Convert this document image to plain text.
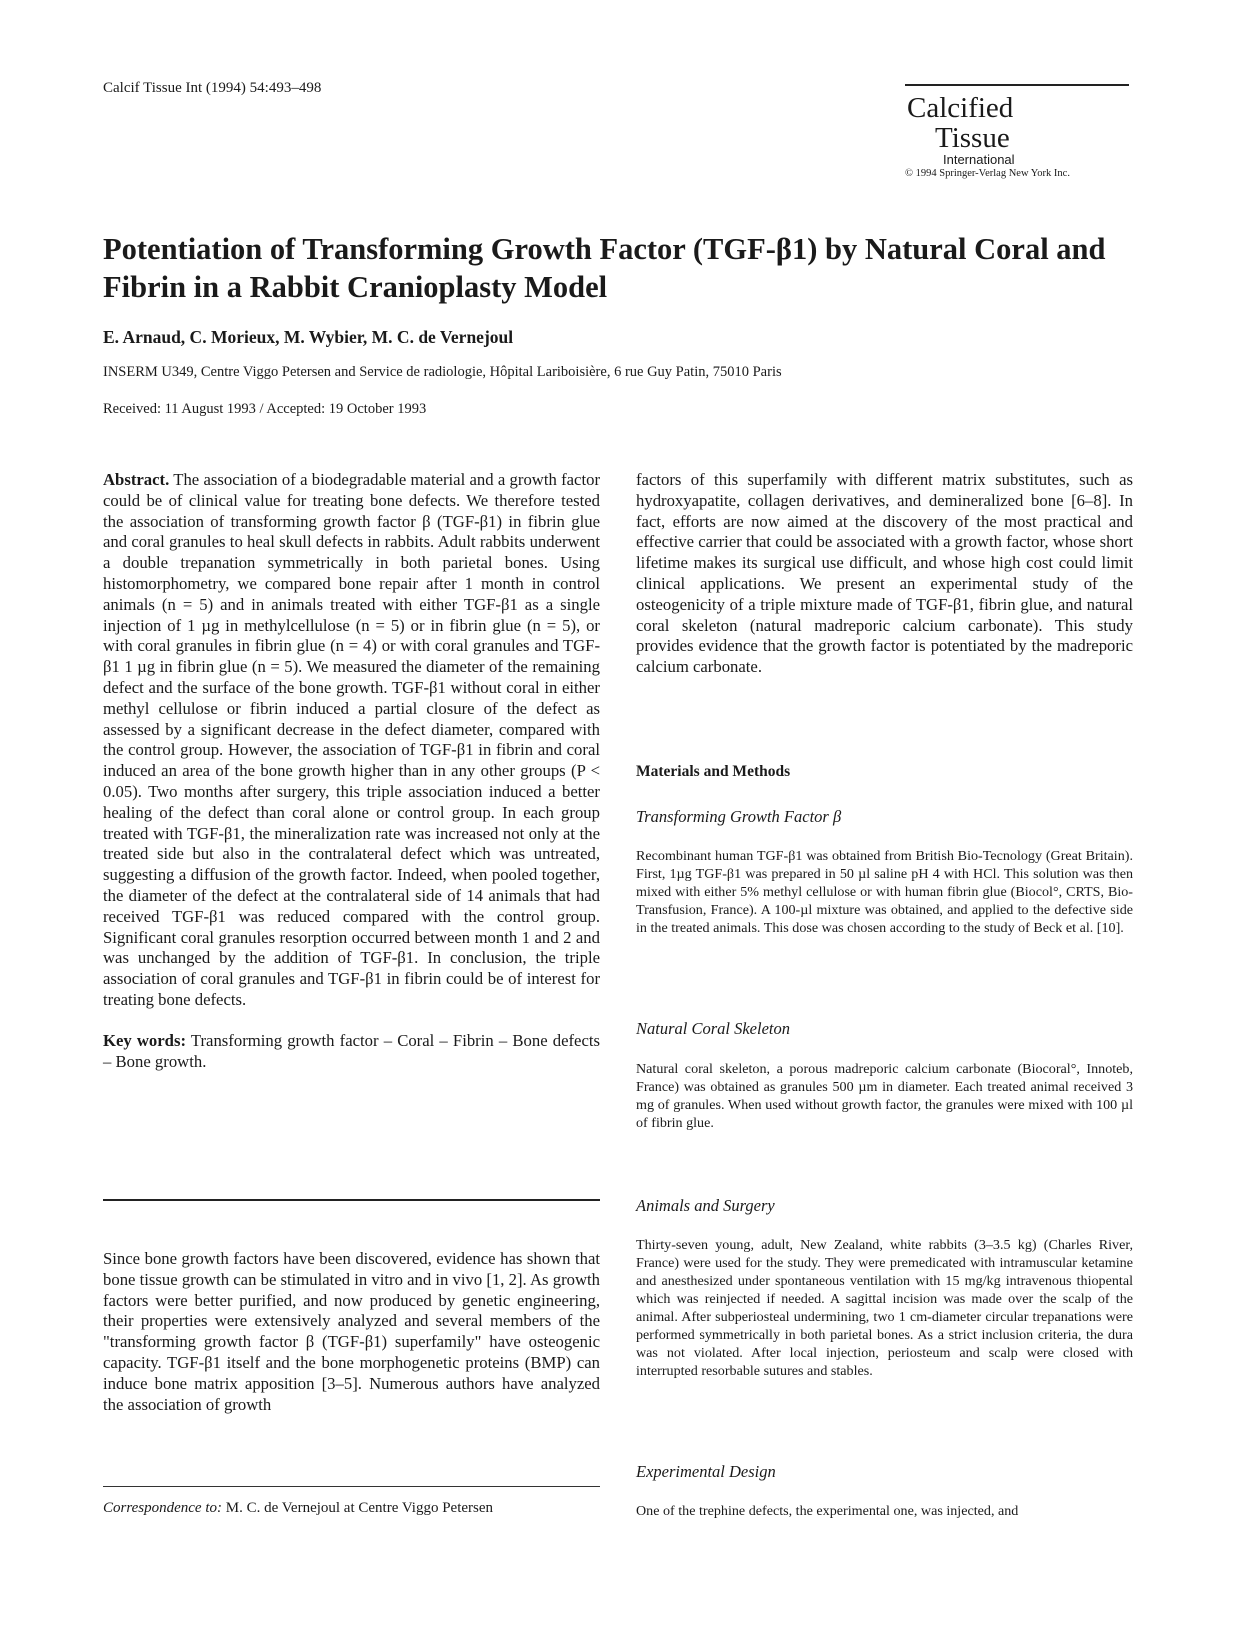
Calcif Tissue Int (1994) 54:493–498
Calcified
Tissue
International
© 1994 Springer-Verlag New York Inc.
Potentiation of Transforming Growth Factor (TGF-β1) by Natural Coral and Fibrin in a Rabbit Cranioplasty Model
E. Arnaud, C. Morieux, M. Wybier, M. C. de Vernejoul
INSERM U349, Centre Viggo Petersen and Service de radiologie, Hôpital Lariboisière, 6 rue Guy Patin, 75010 Paris
Received: 11 August 1993 / Accepted: 19 October 1993

Abstract. The association of a biodegradable material and a growth factor could be of clinical value for treating bone defects. We therefore tested the association of transforming growth factor β (TGF-β1) in fibrin glue and coral granules to heal skull defects in rabbits. Adult rabbits underwent a double trepanation symmetrically in both parietal bones. Using histomorphometry, we compared bone repair after 1 month in control animals (n = 5) and in animals treated with either TGF-β1 as a single injection of 1 µg in methylcellulose (n = 5) or in fibrin glue (n = 5), or with coral granules in fibrin glue (n = 4) or with coral granules and TGF-β1 1 µg in fibrin glue (n = 5). We measured the diameter of the remaining defect and the surface of the bone growth. TGF-β1 without coral in either methyl cellulose or fibrin induced a partial closure of the defect as assessed by a significant decrease in the defect diameter, compared with the control group. However, the association of TGF-β1 in fibrin and coral induced an area of the bone growth higher than in any other groups (P < 0.05). Two months after surgery, this triple association induced a better healing of the defect than coral alone or control group. In each group treated with TGF-β1, the mineralization rate was increased not only at the treated side but also in the contralateral defect which was untreated, suggesting a diffusion of the growth factor. Indeed, when pooled together, the diameter of the defect at the contralateral side of 14 animals that had received TGF-β1 was reduced compared with the control group. Significant coral granules resorption occurred between month 1 and 2 and was unchanged by the addition of TGF-β1. In conclusion, the triple association of coral granules and TGF-β1 in fibrin could be of interest for treating bone defects.

Key words: Transforming growth factor – Coral – Fibrin – Bone defects – Bone growth.

Since bone growth factors have been discovered, evidence has shown that bone tissue growth can be stimulated in vitro and in vivo [1, 2]. As growth factors were better purified, and now produced by genetic engineering, their properties were extensively analyzed and several members of the "transforming growth factor β (TGF-β1) superfamily" have osteogenic capacity. TGF-β1 itself and the bone morphogenetic proteins (BMP) can induce bone matrix apposition [3–5]. Numerous authors have analyzed the association of growth

Correspondence to: M. C. de Vernejoul at Centre Viggo Petersen

factors of this superfamily with different matrix substitutes, such as hydroxyapatite, collagen derivatives, and demineralized bone [6–8]. In fact, efforts are now aimed at the discovery of the most practical and effective carrier that could be associated with a growth factor, whose short lifetime makes its surgical use difficult, and whose high cost could limit clinical applications. We present an experimental study of the osteogenicity of a triple mixture made of TGF-β1, fibrin glue, and natural coral skeleton (natural madreporic calcium carbonate). This study provides evidence that the growth factor is potentiated by the madreporic calcium carbonate.

Materials and Methods
Transforming Growth Factor β

Recombinant human TGF-β1 was obtained from British Bio-Tecnology (Great Britain). First, 1µg TGF-β1 was prepared in 50 µl saline pH 4 with HCl. This solution was then mixed with either 5% methyl cellulose or with human fibrin glue (Biocol°, CRTS, Bio-Transfusion, France). A 100-µl mixture was obtained, and applied to the defective side in the treated animals. This dose was chosen according to the study of Beck et al. [10].

Natural Coral Skeleton

Natural coral skeleton, a porous madreporic calcium carbonate (Biocoral°, Innoteb, France) was obtained as granules 500 µm in diameter. Each treated animal received 3 mg of granules. When used without growth factor, the granules were mixed with 100 µl of fibrin glue.

Animals and Surgery

Thirty-seven young, adult, New Zealand, white rabbits (3–3.5 kg) (Charles River, France) were used for the study. They were premedicated with intramuscular ketamine and anesthesized under spontaneous ventilation with 15 mg/kg intravenous thiopental which was reinjected if needed. A sagittal incision was made over the scalp of the animal. After subperiosteal undermining, two 1 cm-diameter circular trepanations were performed symmetrically in both parietal bones. As a strict inclusion criteria, the dura was not violated. After local injection, periosteum and scalp were closed with interrupted resorbable sutures and stables.

Experimental Design

One of the trephine defects, the experimental one, was injected, and
